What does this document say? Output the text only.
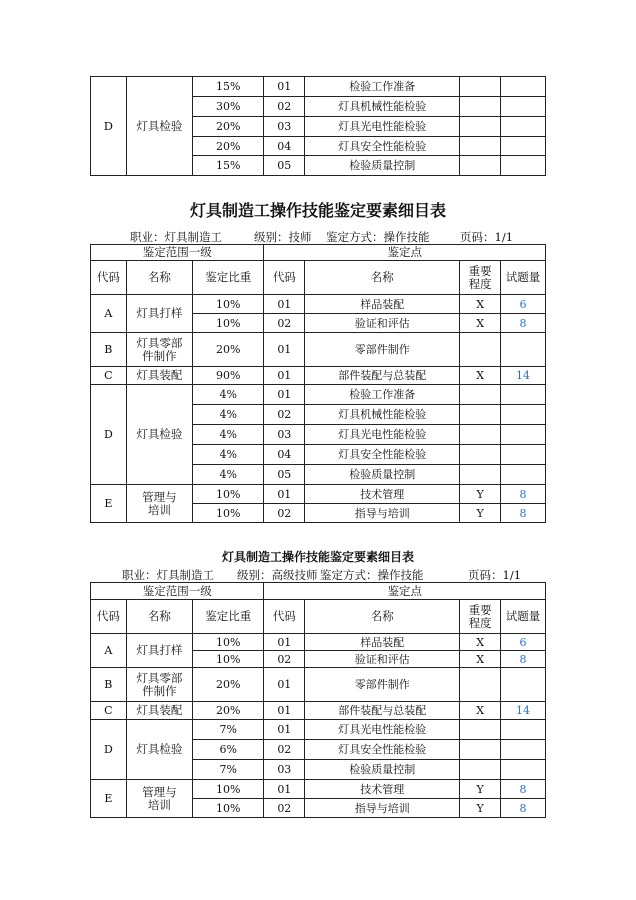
D	灯具检验	15%	01	检验工作准备		
		30%	02	灯具机械性能检验		
		20%	03	灯具光电性能检验		
		20%	04	灯具安全性能检验		
		15%	05	检验质量控制		
灯具制造工操作技能鉴定要素细目表
职业：灯具制造工	级别：技师 鉴定方式：操作技能	页码：1/1
鉴定范围一级			鉴定点			
代码	名称	鉴定比重	代码	名称	重要程度	试题量
A	灯具打样	10%	01	样品装配	X	6
		10%	02	验证和评估	X	8
B	灯具零部件制作	20%	01	零部件制作		
C	灯具装配	90%	01	部件装配与总装配	X	14
D	灯具检验	4%	01	检验工作准备		
		4%	02	灯具机械性能检验		
		4%	03	灯具光电性能检验		
		4%	04	灯具安全性能检验		
		4%	05	检验质量控制		
E	管理与培训	10%	01	技术管理	Y	8
		10%	02	指导与培训	Y	8
灯具制造工操作技能鉴定要素细目表
职业：灯具制造工 级别：高级技师 鉴定方式：操作技能	页码：1/1
鉴定范围一级			鉴定点			
代码	名称	鉴定比重	代码	名称	重要程度	试题量
A	灯具打样	10%	01	样品装配	X	6
		10%	02	验证和评估	X	8
B	灯具零部件制作	20%	01	零部件制作		
C	灯具装配	20%	01	部件装配与总装配	X	14
D	灯具检验	7%	01	灯具光电性能检验		
		6%	02	灯具安全性能检验		
		7%	03	检验质量控制		
E	管理与培训	10%	01	技术管理	Y	8
		10%	02	指导与培训	Y	8
